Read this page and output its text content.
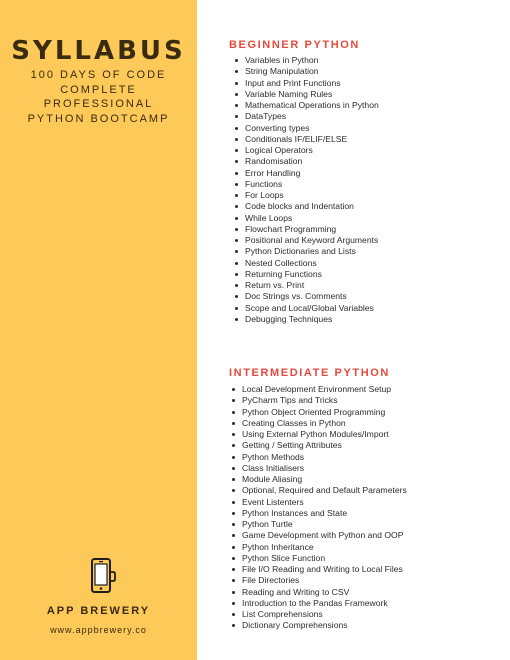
SYLLABUS
100 DAYS OF CODE
COMPLETE
PROFESSIONAL
PYTHON BOOTCAMP
APP BREWERY
www.appbrewery.co
BEGINNER PYTHON
Variables in Python
String Manipulation
Input and Print Functions
Variable Naming Rules
Mathematical Operations in Python
DataTypes
Converting types
Conditionals IF/ELIF/ELSE
Logical Operators
Randomisation
Error Handling
Functions
For Loops
Code blocks and Indentation
While Loops
Flowchart Programming
Positional and Keyword Arguments
Python Dictionaries and Lists
Nested Collections
Returning Functions
Return vs. Print
Doc Strings vs. Comments
Scope and Local/Global Variables
Debugging Techniques
INTERMEDIATE PYTHON
Local Development Environment Setup
PyCharm Tips and Tricks
Python Object Oriented Programming
Creating Classes in Python
Using External Python Modules/Import
Getting / Setting Attributes
Python Methods
Class Initialisers
Module Aliasing
Optional, Required and Default Parameters
Event Listenters
Python Instances and State
Python Turtle
Game Development with Python and OOP
Python Inheritance
Python Slice Function
File I/O Reading and Writing to Local Files
File Directories
Reading and Writing to CSV
Introduction to the Pandas Framework
List Comprehensions
Dictionary Comprehensions
